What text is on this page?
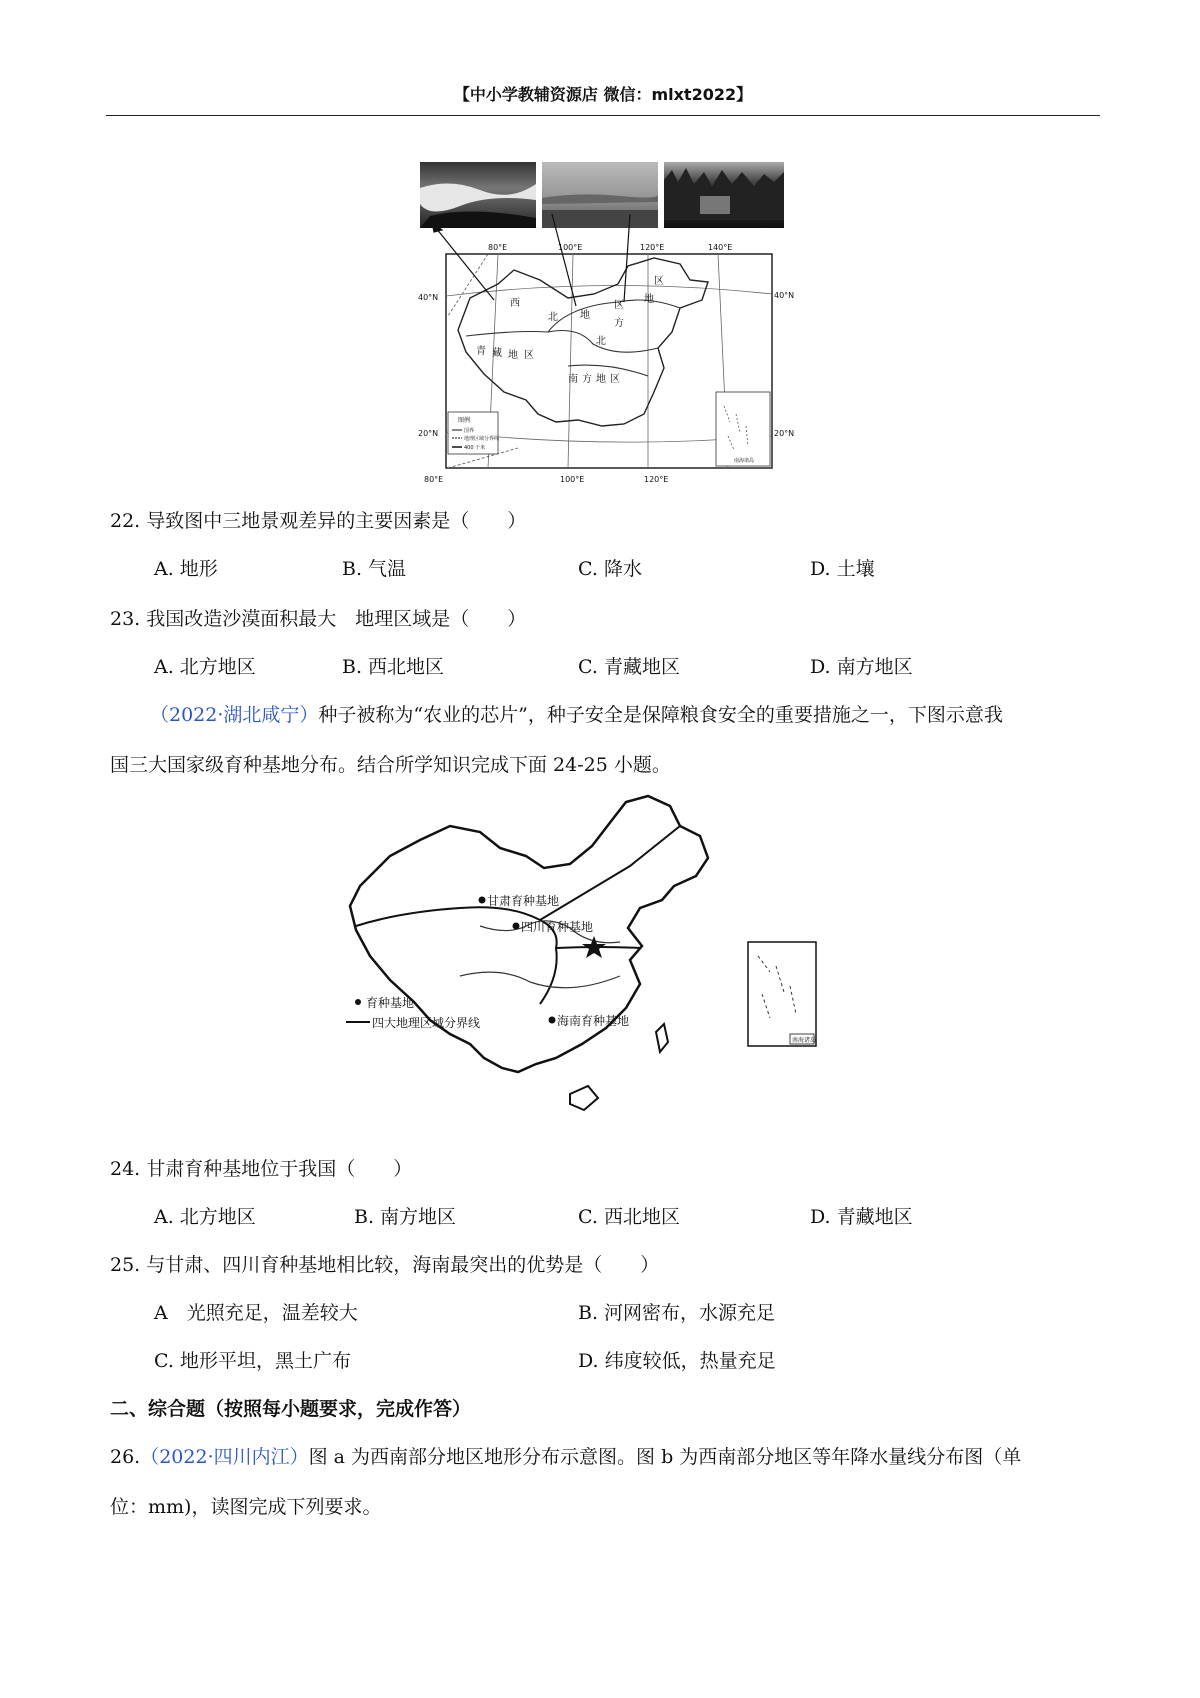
【中小学教辅资源店 微信：mlxt2022】
80°E	100°E	120°E	140°E
40°N
20°N
40°N
20°N
80°E	100°E	120°E
西
北 地
区
北
方
区
地
青 藏 地 区
南 方 地 区
图例
国界
地理区域分界线
400 千米
南海诸岛
22. 导致图中三地景观差异的主要因素是（　　）
A. 地形	B. 气温	C. 降水	D. 土壤
23. 我国改造沙漠面积最大　地理区域是（　　）
A. 北方地区	B. 西北地区	C. 青藏地区	D. 南方地区
（2022·湖北咸宁）种子被称为“农业的芯片”，种子安全是保障粮食安全的重要措施之一，下图示意我
国三大国家级育种基地分布。结合所学知识完成下面 24-25 小题。
甘肃育种基地
四川育种基地
海南育种基地
育种基地
四大地理区域分界线
南海诸岛
24. 甘肃育种基地位于我国（　　）
A. 北方地区	B. 南方地区	C. 西北地区	D. 青藏地区
25. 与甘肃、四川育种基地相比较，海南最突出的优势是（　　）
A　光照充足，温差较大	B. 河网密布，水源充足
C. 地形平坦，黑土广布	D. 纬度较低，热量充足
二、综合题（按照每小题要求，完成作答）
26.（2022·四川内江）图 a 为西南部分地区地形分布示意图。图 b 为西南部分地区等年降水量线分布图（单
位：mm)，读图完成下列要求。
